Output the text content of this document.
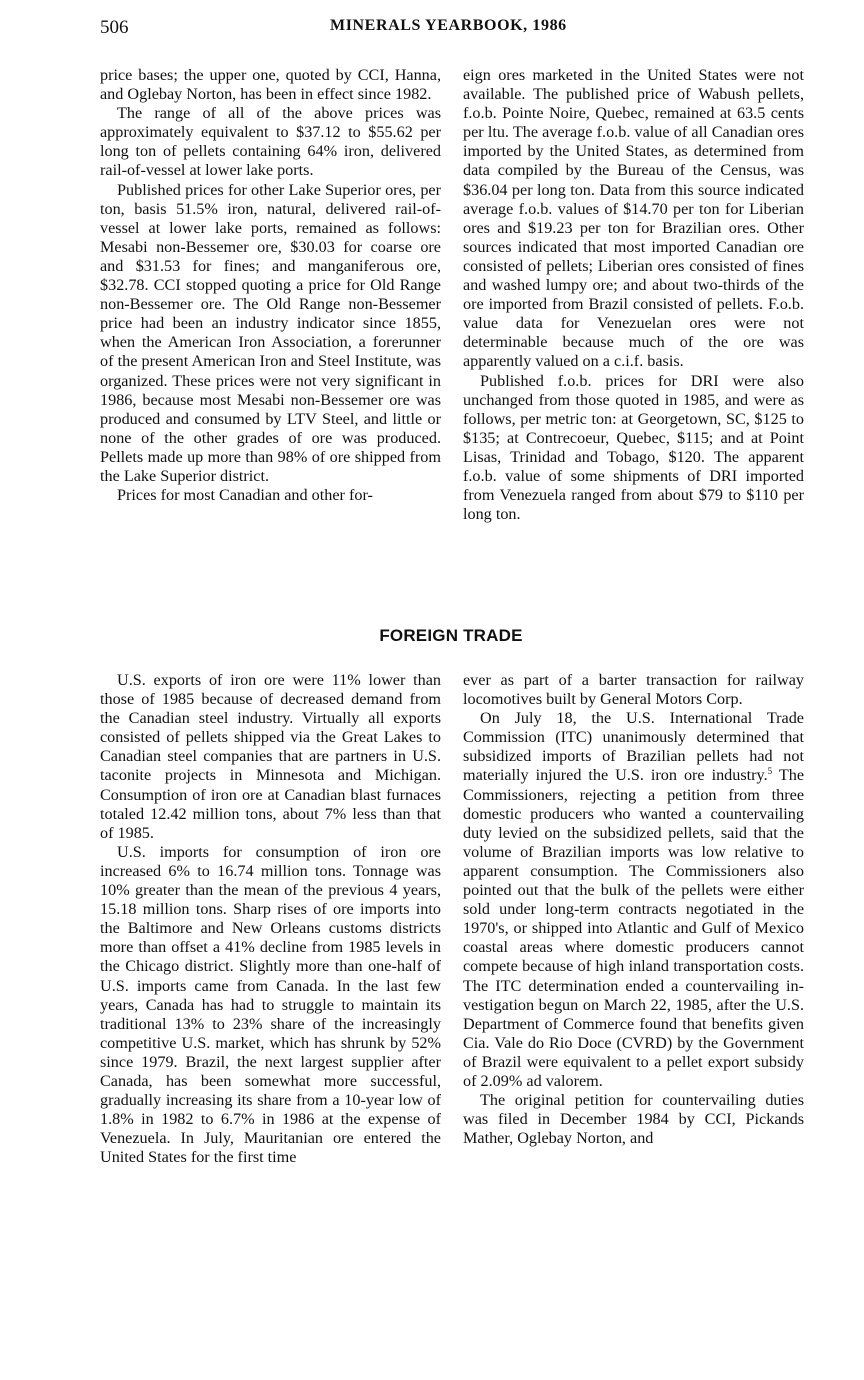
506	MINERALS YEARBOOK, 1986

price bases; the upper one, quoted by CCI, Hanna, and Oglebay Norton, has been in effect since 1982.

The range of all of the above prices was approximately equivalent to $37.12 to $55.62 per long ton of pellets containing 64% iron, delivered rail-of-vessel at lower lake ports.

Published prices for other Lake Superior ores, per ton, basis 51.5% iron, natural, delivered rail-of-vessel at lower lake ports, remained as follows: Mesabi non-Bessemer ore, $30.03 for coarse ore and $31.53 for fines; and manganiferous ore, $32.78. CCI stopped quoting a price for Old Range non-Bessemer ore. The Old Range non-Bessemer price had been an industry indicator since 1855, when the American Iron Association, a forerunner of the present American Iron and Steel Institute, was organized. These prices were not very significant in 1986, because most Mesabi non-Bessemer ore was produced and consumed by LTV Steel, and little or none of the other grades of ore was produced. Pellets made up more than 98% of ore shipped from the Lake Superior district.

Prices for most Canadian and other for-

eign ores marketed in the United States were not available. The published price of Wabush pellets, f.o.b. Pointe Noire, Quebec, remained at 63.5 cents per ltu. The average f.o.b. value of all Canadian ores imported by the United States, as determined from data compiled by the Bureau of the Census, was $36.04 per long ton. Data from this source indicated average f.o.b. values of $14.70 per ton for Liberian ores and $19.23 per ton for Brazilian ores. Other sources indicated that most imported Canadian ore consisted of pellets; Liberian ores consisted of fines and washed lumpy ore; and about two-thirds of the ore imported from Brazil consisted of pellets. F.o.b. value data for Venezuelan ores were not determinable because much of the ore was apparently valued on a c.i.f. basis.

Published f.o.b. prices for DRI were also unchanged from those quoted in 1985, and were as follows, per metric ton: at Georgetown, SC, $125 to $135; at Contrecoeur, Quebec, $115; and at Point Lisas, Trinidad and Tobago, $120. The apparent f.o.b. value of some shipments of DRI imported from Venezuela ranged from about $79 to $110 per long ton.

FOREIGN TRADE

U.S. exports of iron ore were 11% lower than those of 1985 because of decreased demand from the Canadian steel industry. Virtually all exports consisted of pellets shipped via the Great Lakes to Canadian steel companies that are partners in U.S. taconite projects in Minnesota and Michigan. Consumption of iron ore at Canadian blast furnaces totaled 12.42 million tons, about 7% less than that of 1985.

U.S. imports for consumption of iron ore increased 6% to 16.74 million tons. Tonnage was 10% greater than the mean of the previous 4 years, 15.18 million tons. Sharp rises of ore imports into the Baltimore and New Orleans customs districts more than offset a 41% decline from 1985 levels in the Chicago district. Slightly more than one-half of U.S. imports came from Canada. In the last few years, Canada has had to struggle to maintain its traditional 13% to 23% share of the increasingly competitive U.S. market, which has shrunk by 52% since 1979. Brazil, the next largest supplier after Canada, has been somewhat more successful, gradually increasing its share from a 10-year low of 1.8% in 1982 to 6.7% in 1986 at the expense of Venezuela. In July, Mauritanian ore entered the United States for the first time

ever as part of a barter transaction for railway locomotives built by General Motors Corp.

On July 18, the U.S. International Trade Commission (ITC) unanimously determined that subsidized imports of Brazilian pellets had not materially injured the U.S. iron ore industry.$^5$ The Commissioners, rejecting a petition from three domestic producers who wanted a countervailing duty levied on the subsidized pellets, said that the volume of Brazilian imports was low relative to apparent consumption. The Commissioners also pointed out that the bulk of the pellets were either sold under long-term contracts negotiated in the 1970's, or shipped into Atlantic and Gulf of Mexico coastal areas where domestic producers cannot compete because of high inland transportation costs. The ITC determination ended a countervailing investigation begun on March 22, 1985, after the U.S. Department of Commerce found that benefits given Cia. Vale do Rio Doce (CVRD) by the Government of Brazil were equivalent to a pellet export subsidy of 2.09% ad valorem.

The original petition for countervailing duties was filed in December 1984 by CCI, Pickands Mather, Oglebay Norton, and
